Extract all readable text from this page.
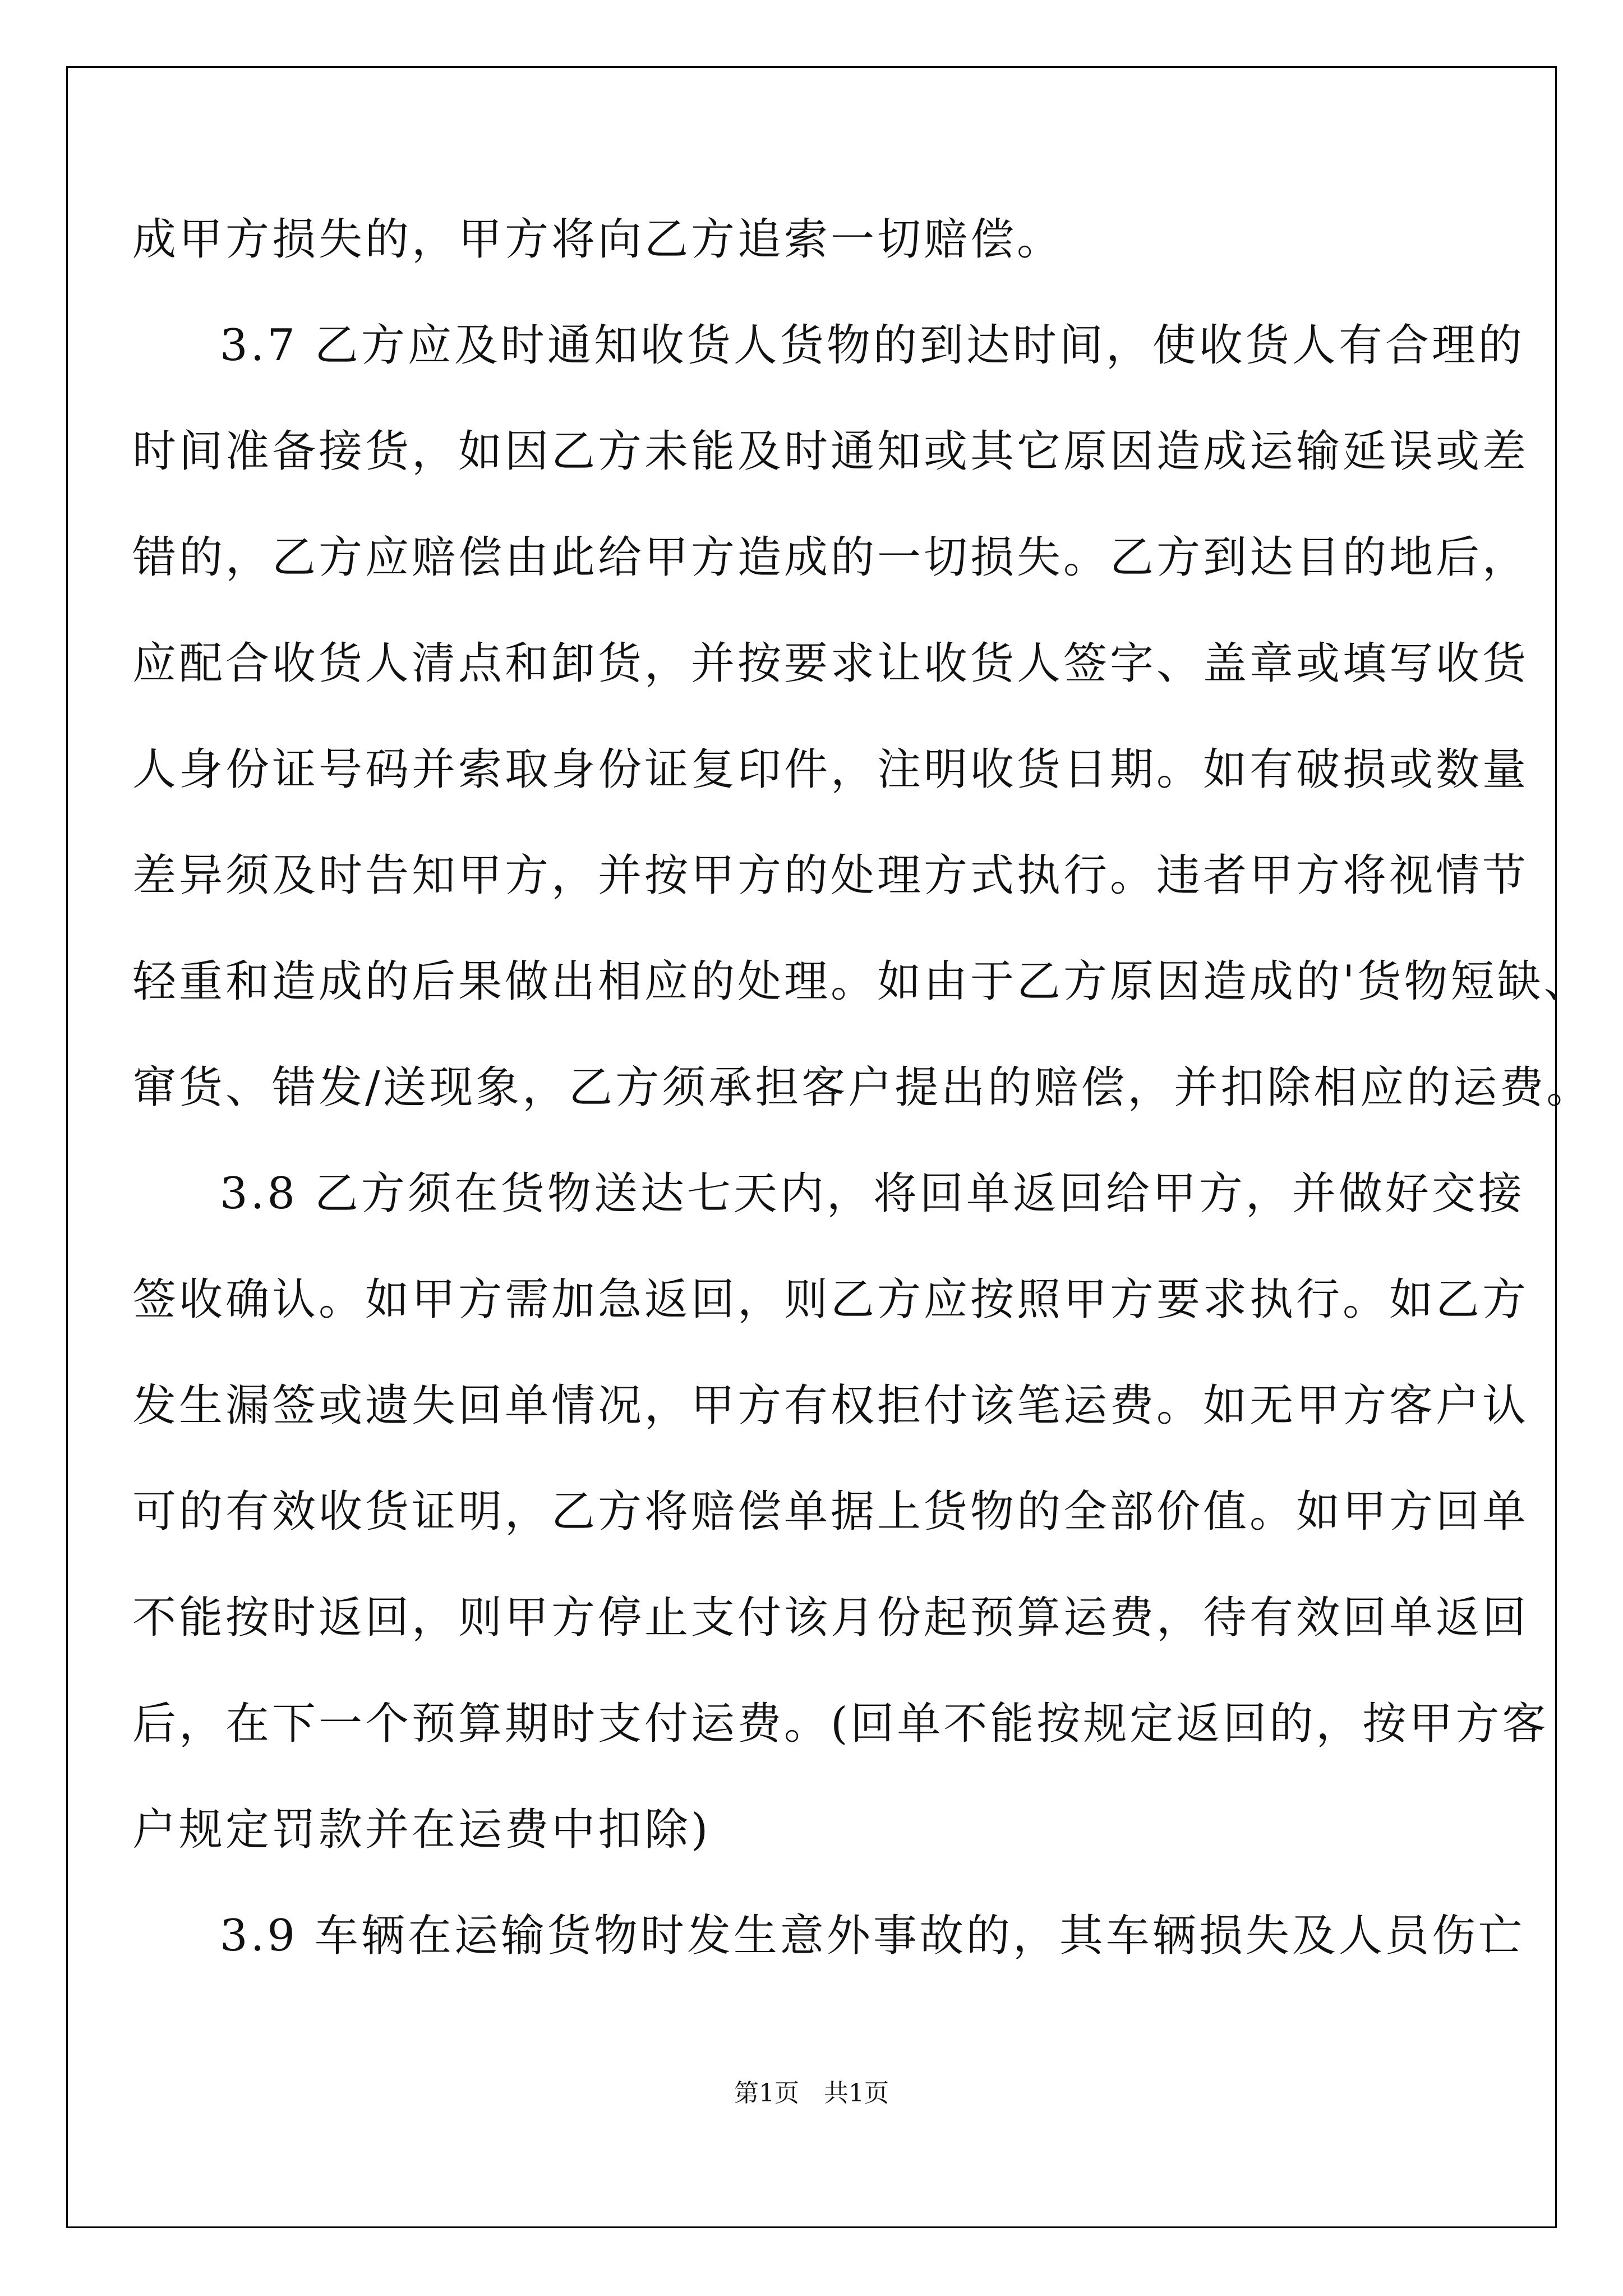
成甲方损失的，甲方将向乙方追索一切赔偿。
3.7 乙方应及时通知收货人货物的到达时间，使收货人有合理的
时间准备接货，如因乙方未能及时通知或其它原因造成运输延误或差
错的，乙方应赔偿由此给甲方造成的一切损失。乙方到达目的地后，
应配合收货人清点和卸货，并按要求让收货人签字、盖章或填写收货
人身份证号码并索取身份证复印件，注明收货日期。如有破损或数量
差异须及时告知甲方，并按甲方的处理方式执行。违者甲方将视情节
轻重和造成的后果做出相应的处理。如由于乙方原因造成的'货物短缺、
窜货、错发/送现象，乙方须承担客户提出的赔偿，并扣除相应的运费。
3.8 乙方须在货物送达七天内，将回单返回给甲方，并做好交接
签收确认。如甲方需加急返回，则乙方应按照甲方要求执行。如乙方
发生漏签或遗失回单情况，甲方有权拒付该笔运费。如无甲方客户认
可的有效收货证明，乙方将赔偿单据上货物的全部价值。如甲方回单
不能按时返回，则甲方停止支付该月份起预算运费，待有效回单返回
后，在下一个预算期时支付运费。(回单不能按规定返回的，按甲方客
户规定罚款并在运费中扣除)
3.9 车辆在运输货物时发生意外事故的，其车辆损失及人员伤亡
第1页　共1页
